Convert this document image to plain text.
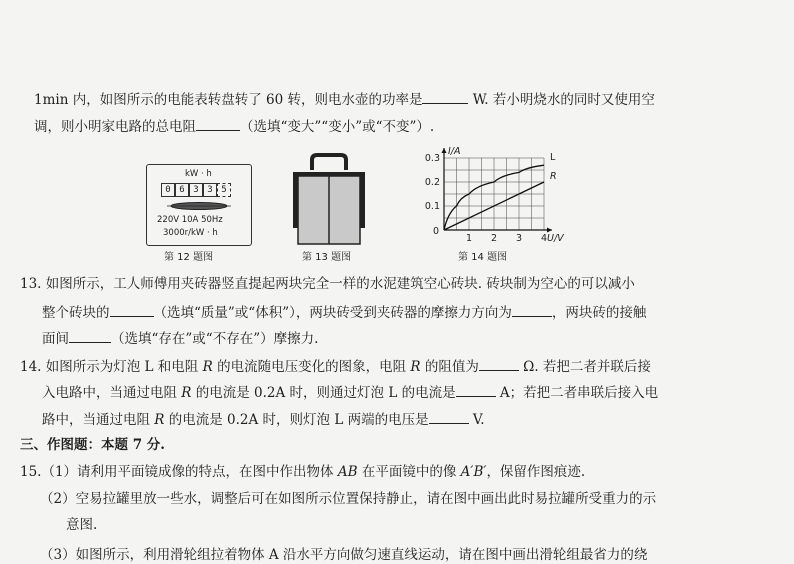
1min 内，如图所示的电能表转盘转了 60 转，则电水壶的功率是	W. 若小明烧水的同时又使用空
调，则小明家电路的总电阻	（选填“变大”“变小”或“不变”）.
kW · h
0 6 3 3 5
220V 10A 50Hz
3000r/kW · h
第 12 题图	第 13 题图
1 2 3 4
0.1
0.2
0.3
0
I/A
U/V
L
R
第 14 题图
13. 如图所示，工人师傅用夹砖器竖直提起两块完全一样的水泥建筑空心砖块. 砖块制为空心的可以减小
整个砖块的	（选填“质量”或“体积”），两块砖受到夹砖器的摩擦力方向为	，两块砖的接触
面间	（选填“存在”或“不存在”）摩擦力.
14. 如图所示为灯泡 L 和电阻 R 的电流随电压变化的图象，电阻 R 的阻值为	Ω. 若把二者并联后接
入电路中，当通过电阻 R 的电流是 0.2A 时，则通过灯泡 L 的电流是	A；若把二者串联后接入电
路中，当通过电阻 R 的电流是 0.2A 时，则灯泡 L 两端的电压是	V.
三、作图题：本题 7 分.
15.（1）请利用平面镜成像的特点，在图中作出物体 AB 在平面镜中的像 A′B′，保留作图痕迹.
（2）空易拉罐里放一些水，调整后可在如图所示位置保持静止，请在图中画出此时易拉罐所受重力的示
意图.
（3）如图所示，利用滑轮组拉着物体 A 沿水平方向做匀速直线运动，请在图中画出滑轮组最省力的绕
